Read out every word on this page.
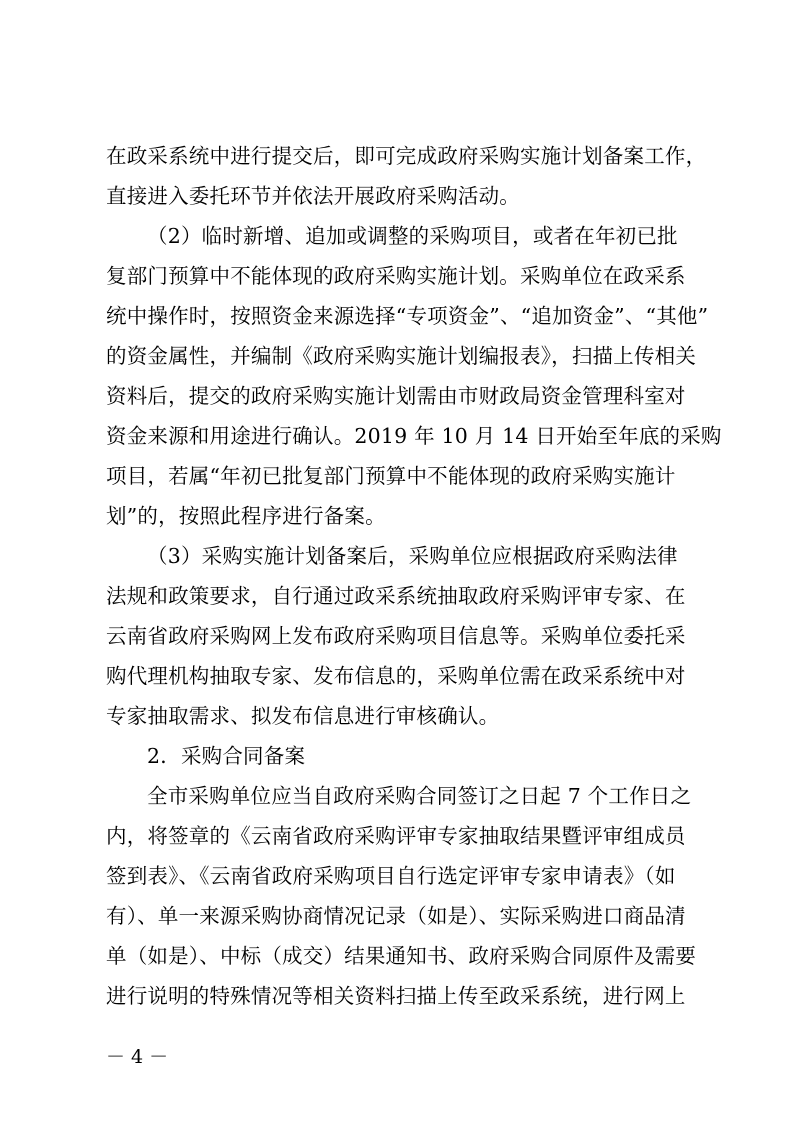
在政采系统中进行提交后，即可完成政府采购实施计划备案工作，
直接进入委托环节并依法开展政府采购活动。
（2）临时新增、追加或调整的采购项目，或者在年初已批
复部门预算中不能体现的政府采购实施计划。采购单位在政采系
统中操作时，按照资金来源选择“专项资金”、“追加资金”、“其他”
的资金属性，并编制《政府采购实施计划编报表》，扫描上传相关
资料后，提交的政府采购实施计划需由市财政局资金管理科室对
资金来源和用途进行确认。2019 年 10 月 14 日开始至年底的采购
项目，若属“年初已批复部门预算中不能体现的政府采购实施计
划”的，按照此程序进行备案。
（3）采购实施计划备案后，采购单位应根据政府采购法律
法规和政策要求，自行通过政采系统抽取政府采购评审专家、在
云南省政府采购网上发布政府采购项目信息等。采购单位委托采
购代理机构抽取专家、发布信息的，采购单位需在政采系统中对
专家抽取需求、拟发布信息进行审核确认。
2．采购合同备案
全市采购单位应当自政府采购合同签订之日起 7 个工作日之
内，将签章的《云南省政府采购评审专家抽取结果暨评审组成员
签到表》、《云南省政府采购项目自行选定评审专家申请表》（如
有）、单一来源采购协商情况记录（如是）、实际采购进口商品清
单（如是）、中标（成交）结果通知书、政府采购合同原件及需要
进行说明的特殊情况等相关资料扫描上传至政采系统，进行网上
－ 4 －
